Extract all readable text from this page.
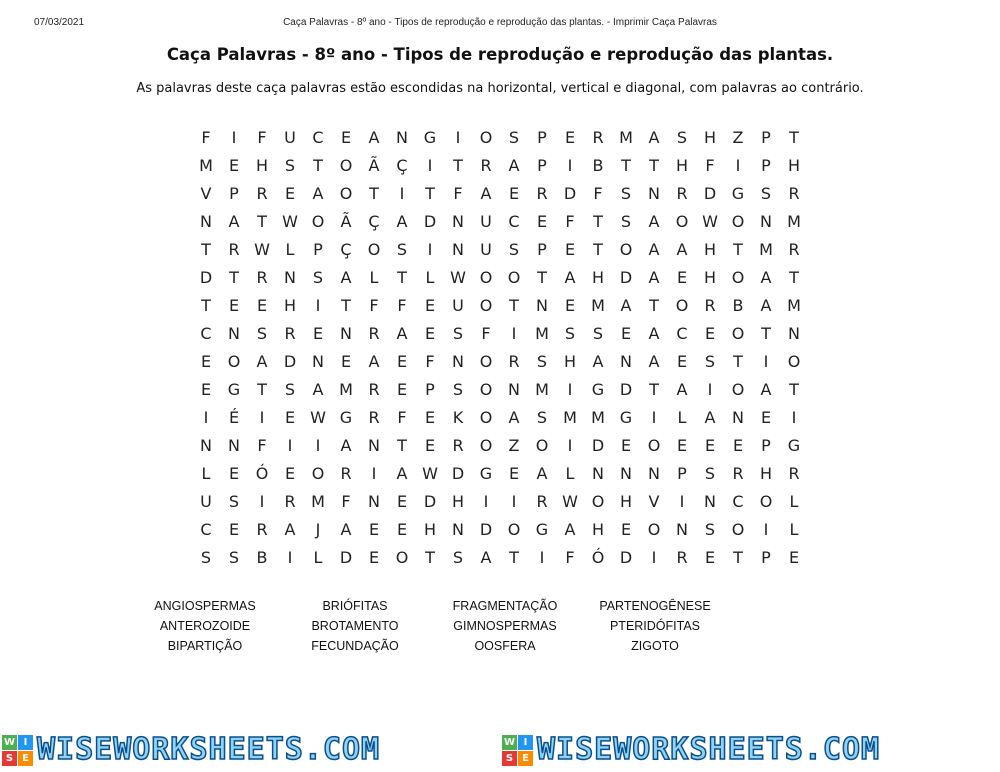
07/03/2021	Caça Palavras - 8º ano - Tipos de reprodução e reprodução das plantas. - Imprimir Caça Palavras
Caça Palavras - 8º ano - Tipos de reprodução e reprodução das plantas.
As palavras deste caça palavras estão escondidas na horizontal, vertical e diagonal, com palavras ao contrário.
F	I	F	U	C	E	A	N G	I	O	S	P	E	R M A	S	H	Z	P	T
M	E	H	S	T	O	Ã	Ç	I	T	R	A	P	I	B	T	T	H	F	I	P	H
V	P	R	E	A	O	T	I	T	F	A	E	R	D	F	S	N	R	D G	S	R
N	A	T W O	Ã	Ç	A	D N	U	C	E	F	T	S	A	O W O N M
T	R W L	P	Ç	O	S	I	N	U	S	P	E	T	O	A	A	H	T	M R
D	T	R	N	S	A	L	T	L W O O	T	A	H D	A	E	H O	A	T
T	E	E	H	I	T	F	F	E	U O	T	N	E	M A	T	O	R	B	A M
C	N	S	R	E	N	R	A	E	S	F	I	M	S	S	E	A	C	E	O	T	N
E	O	A	D N	E	A	E	F	N O	R	S	H	A	N	A	E	S	T	I	O
E	G	T	S	A M R	E	P	S	O N M	I	G D	T	A	I	O	A	T
I	É	I	E W G	R	F	E	K	O	A	S	M M G	I	L	A	N	E	I
N	N	F	I	I	A	N	T	E	R	O	Z	O	I	D	E	O	E	E	E	P	G
L	E	Ó	E	O	R	I	A W D G	E	A	L	N	N	N	P	S	R	H	R
U	S	I	R M	F	N	E	D H	I	I	R W O H	V	I	N	C	O	L
C	E	R	A	J	A	E	E	H	N D O G	A	H	E	O N	S	O	I	L
S	S	B	I	L	D	E	O	T	S	A	T	I	F	Ó D	I	R	E	T	P	E
ANGIOSPERMAS
ANTEROZOIDE
BIPARTIÇÃO
BRIÓFITAS
BROTAMENTO
FECUNDAÇÃO
FRAGMENTAÇÃO
GIMNOSPERMAS
OOSFERA
PARTENOGÊNESE
PTERIDÓFITAS
ZIGOTO
W I
S E WISEWORKSHEETS.COM	W I
S E WISEWORKSHEETS.COM
